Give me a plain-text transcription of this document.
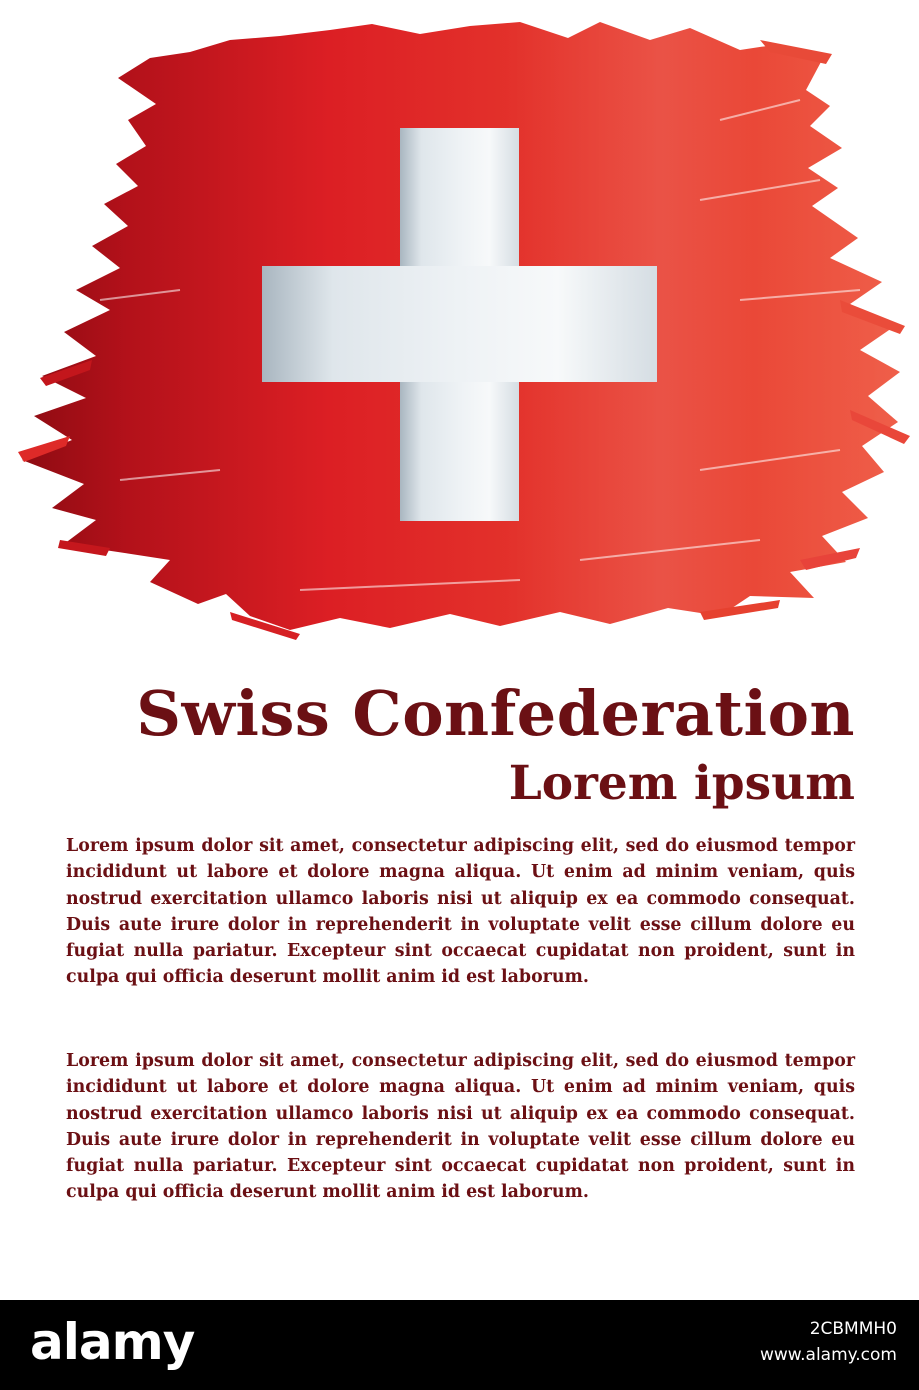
Swiss Confederation
Lorem ipsum

Lorem ipsum dolor sit amet, consectetur adipiscing elit, sed do eiusmod tempor incididunt ut labore et dolore magna aliqua. Ut enim ad minim veniam, quis nostrud exercitation ullamco laboris nisi ut aliquip ex ea commodo consequat. Duis aute irure dolor in reprehenderit in voluptate velit esse cillum dolore eu fugiat nulla pariatur. Excepteur sint occaecat cupidatat non proident, sunt in culpa qui officia deserunt mollit anim id est laborum.

Lorem ipsum dolor sit amet, consectetur adipiscing elit, sed do eiusmod tempor incididunt ut labore et dolore magna aliqua. Ut enim ad minim veniam, quis nostrud exercitation ullamco laboris nisi ut aliquip ex ea commodo consequat. Duis aute irure dolor in reprehenderit in voluptate velit esse cillum dolore eu fugiat nulla pariatur. Excepteur sint occaecat cupidatat non proident, sunt in culpa qui officia deserunt mollit anim id est laborum.

alamy	2CBMMH0
www.alamy.com
